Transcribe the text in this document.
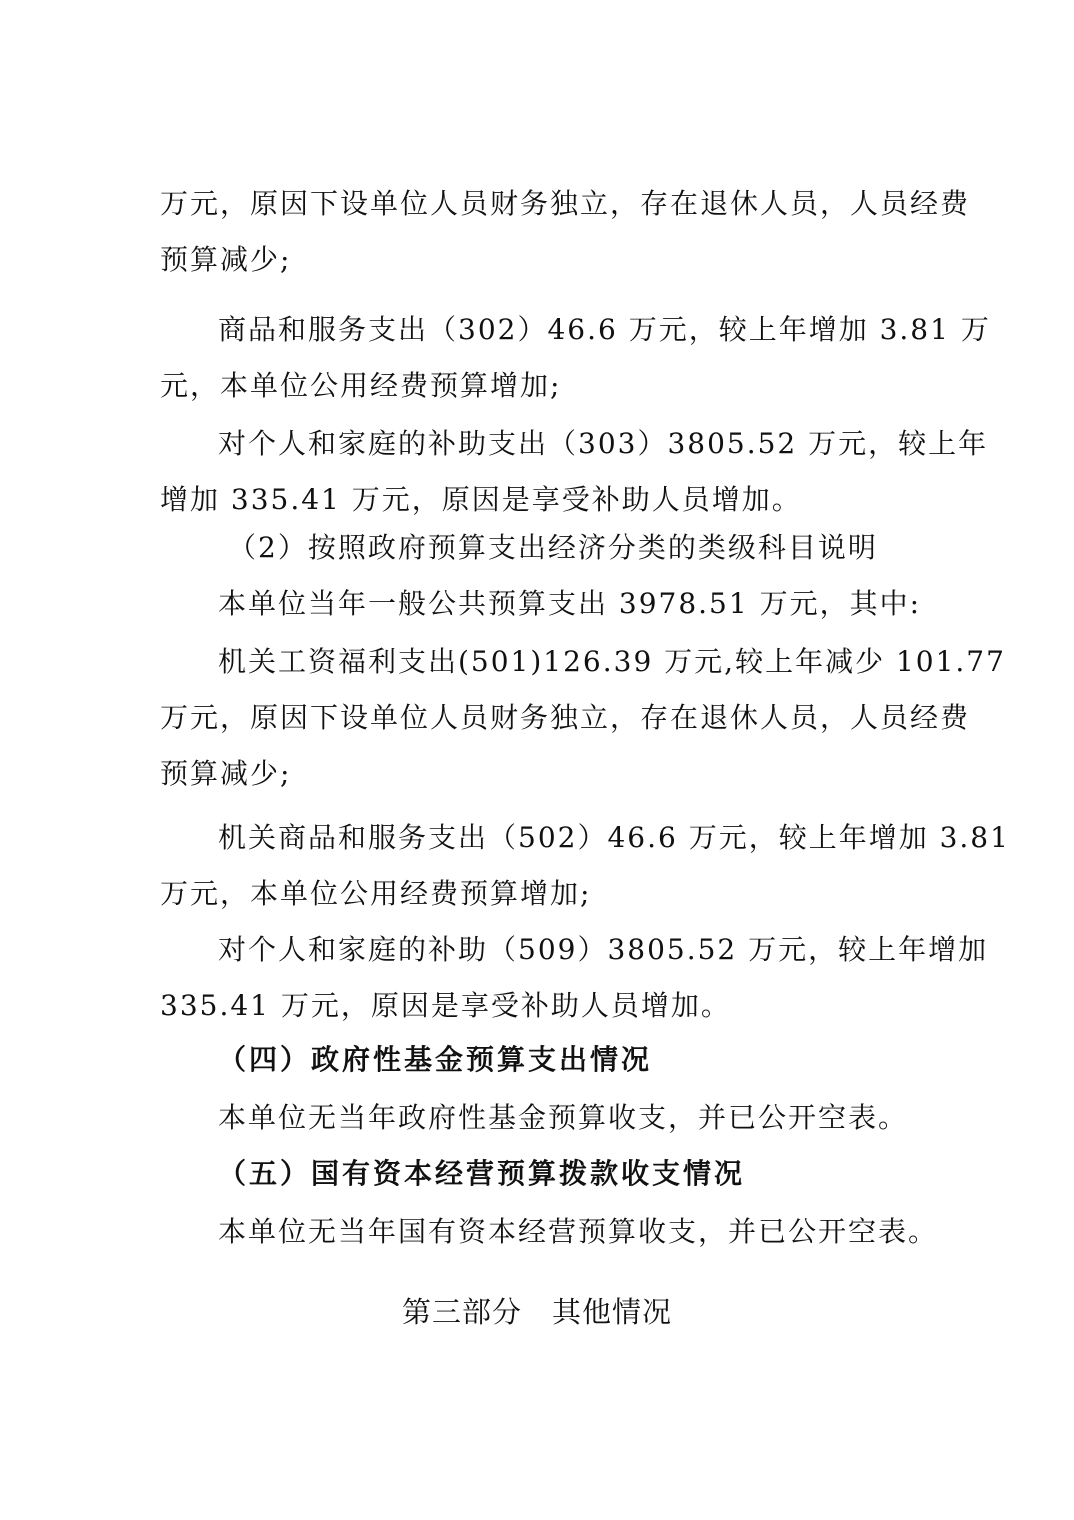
万元，原因下设单位人员财务独立，存在退休人员，人员经费
预算减少;
商品和服务支出（302）46.6 万元，较上年增加 3.81 万
元，本单位公用经费预算增加;
对个人和家庭的补助支出（303）3805.52 万元，较上年
增加 335.41 万元，原因是享受补助人员增加。
（2）按照政府预算支出经济分类的类级科目说明
本单位当年一般公共预算支出 3978.51 万元，其中:
机关工资福利支出(501)126.39 万元,较上年减少 101.77
万元，原因下设单位人员财务独立，存在退休人员，人员经费
预算减少;
机关商品和服务支出（502）46.6 万元，较上年增加 3.81
万元，本单位公用经费预算增加;
对个人和家庭的补助（509）3805.52 万元，较上年增加
335.41 万元，原因是享受补助人员增加。
（四）政府性基金预算支出情况
本单位无当年政府性基金预算收支，并已公开空表。
（五）国有资本经营预算拨款收支情况
本单位无当年国有资本经营预算收支，并已公开空表。
第三部分　其他情况
